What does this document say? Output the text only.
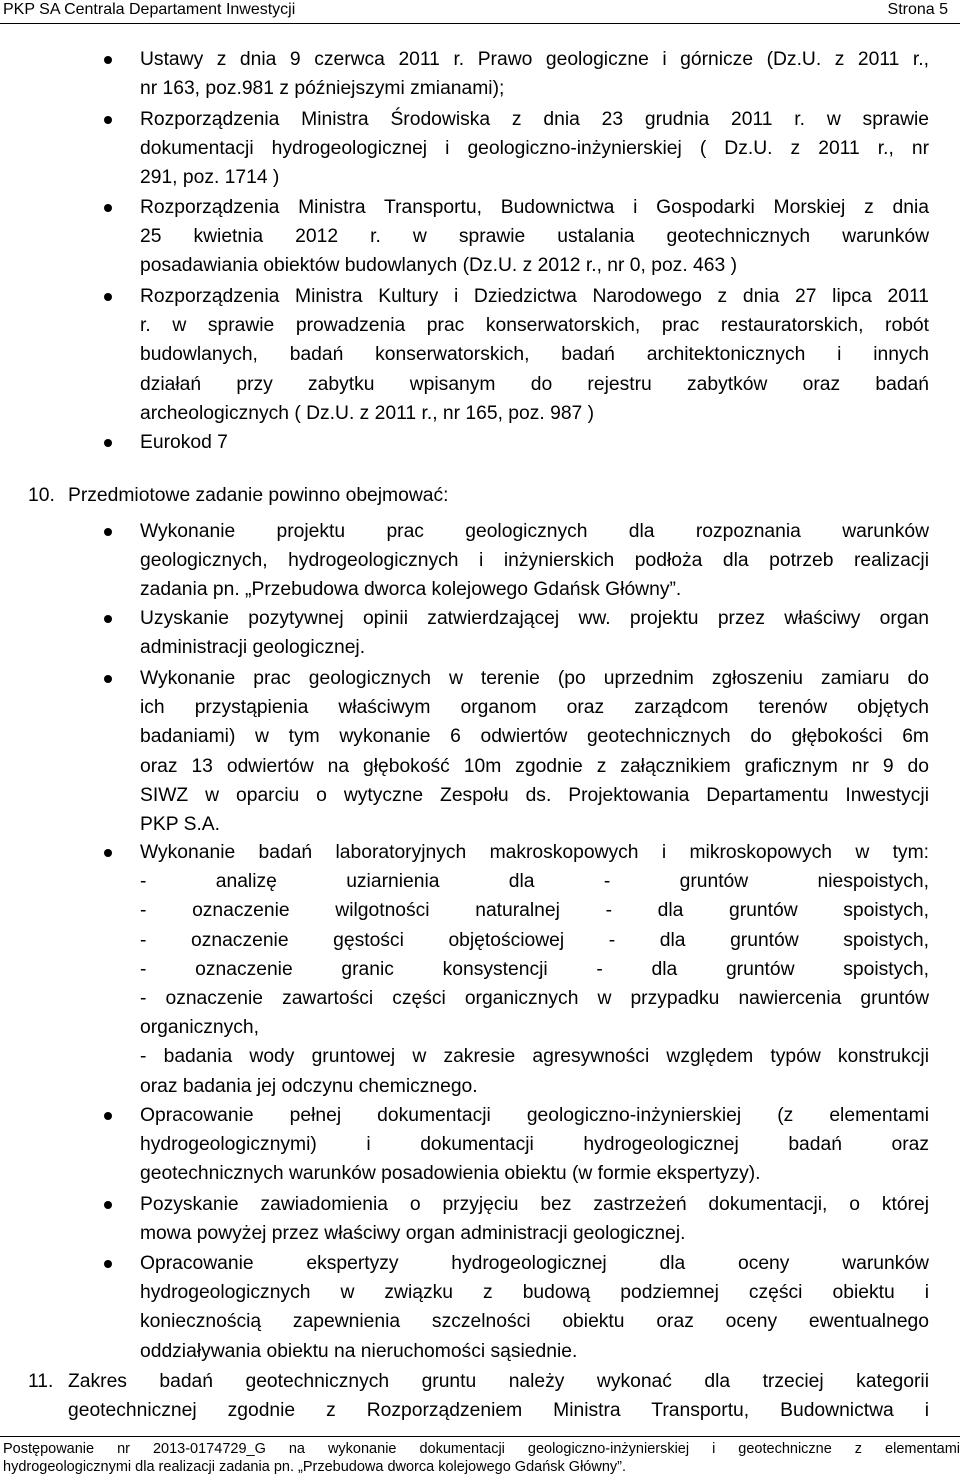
PKP SA Centrala Departament Inwestycji	Strona 5
Ustawy z dnia 9 czerwca 2011 r. Prawo geologiczne i górnicze (Dz.U. z 2011 r.,
nr 163, poz.981 z późniejszymi zmianami);
Rozporządzenia Ministra Środowiska z dnia 23 grudnia 2011 r. w sprawie
dokumentacji hydrogeologicznej i geologiczno-inżynierskiej ( Dz.U. z 2011 r., nr
291, poz. 1714 )
Rozporządzenia Ministra Transportu, Budownictwa i Gospodarki Morskiej z dnia
25 kwietnia 2012 r. w sprawie ustalania geotechnicznych warunków
posadawiania obiektów budowlanych (Dz.U. z 2012 r., nr 0, poz. 463 )
Rozporządzenia Ministra Kultury i Dziedzictwa Narodowego z dnia 27 lipca 2011
r. w sprawie prowadzenia prac konserwatorskich, prac restauratorskich, robót
budowlanych, badań konserwatorskich, badań architektonicznych i innych
działań przy zabytku wpisanym do rejestru zabytków oraz badań
archeologicznych ( Dz.U. z 2011 r., nr 165, poz. 987 )
Eurokod 7
10. Przedmiotowe zadanie powinno obejmować:
Wykonanie projektu prac geologicznych dla rozpoznania warunków
geologicznych, hydrogeologicznych i inżynierskich podłoża dla potrzeb realizacji
zadania pn. „Przebudowa dworca kolejowego Gdańsk Główny”.
Uzyskanie pozytywnej opinii zatwierdzającej ww. projektu przez właściwy organ
administracji geologicznej.
Wykonanie prac geologicznych w terenie (po uprzednim zgłoszeniu zamiaru do
ich przystąpienia właściwym organom oraz zarządcom terenów objętych
badaniami) w tym wykonanie 6 odwiertów geotechnicznych do głębokości 6m
oraz 13 odwiertów na głębokość 10m zgodnie z załącznikiem graficznym nr 9 do
SIWZ w oparciu o wytyczne Zespołu ds. Projektowania Departamentu Inwestycji
PKP S.A.
Wykonanie badań laboratoryjnych makroskopowych i mikroskopowych w tym:
- analizę uziarnienia dla - gruntów niespoistych,
- oznaczenie wilgotności naturalnej - dla gruntów spoistych,
- oznaczenie gęstości objętościowej - dla gruntów spoistych,
- oznaczenie granic konsystencji - dla gruntów spoistych,
- oznaczenie zawartości części organicznych w przypadku nawiercenia gruntów
organicznych,
- badania wody gruntowej w zakresie agresywności względem typów konstrukcji
oraz badania jej odczynu chemicznego.
Opracowanie pełnej dokumentacji geologiczno-inżynierskiej (z elementami
hydrogeologicznymi) i dokumentacji hydrogeologicznej badań oraz
geotechnicznych warunków posadowienia obiektu (w formie ekspertyzy).
Pozyskanie zawiadomienia o przyjęciu bez zastrzeżeń dokumentacji, o której
mowa powyżej przez właściwy organ administracji geologicznej.
Opracowanie ekspertyzy hydrogeologicznej dla oceny warunków
hydrogeologicznych w związku z budową podziemnej części obiektu i
koniecznością zapewnienia szczelności obiektu oraz oceny ewentualnego
oddziaływania obiektu na nieruchomości sąsiednie.
11. Zakres badań geotechnicznych gruntu należy wykonać dla trzeciej kategorii
geotechnicznej zgodnie z Rozporządzeniem Ministra Transportu, Budownictwa i
Postępowanie nr 2013-0174729_G na wykonanie dokumentacji geologiczno-inżynierskiej i geotechniczne z elementami
hydrogeologicznymi dla realizacji zadania pn. „Przebudowa dworca kolejowego Gdańsk Główny”.
